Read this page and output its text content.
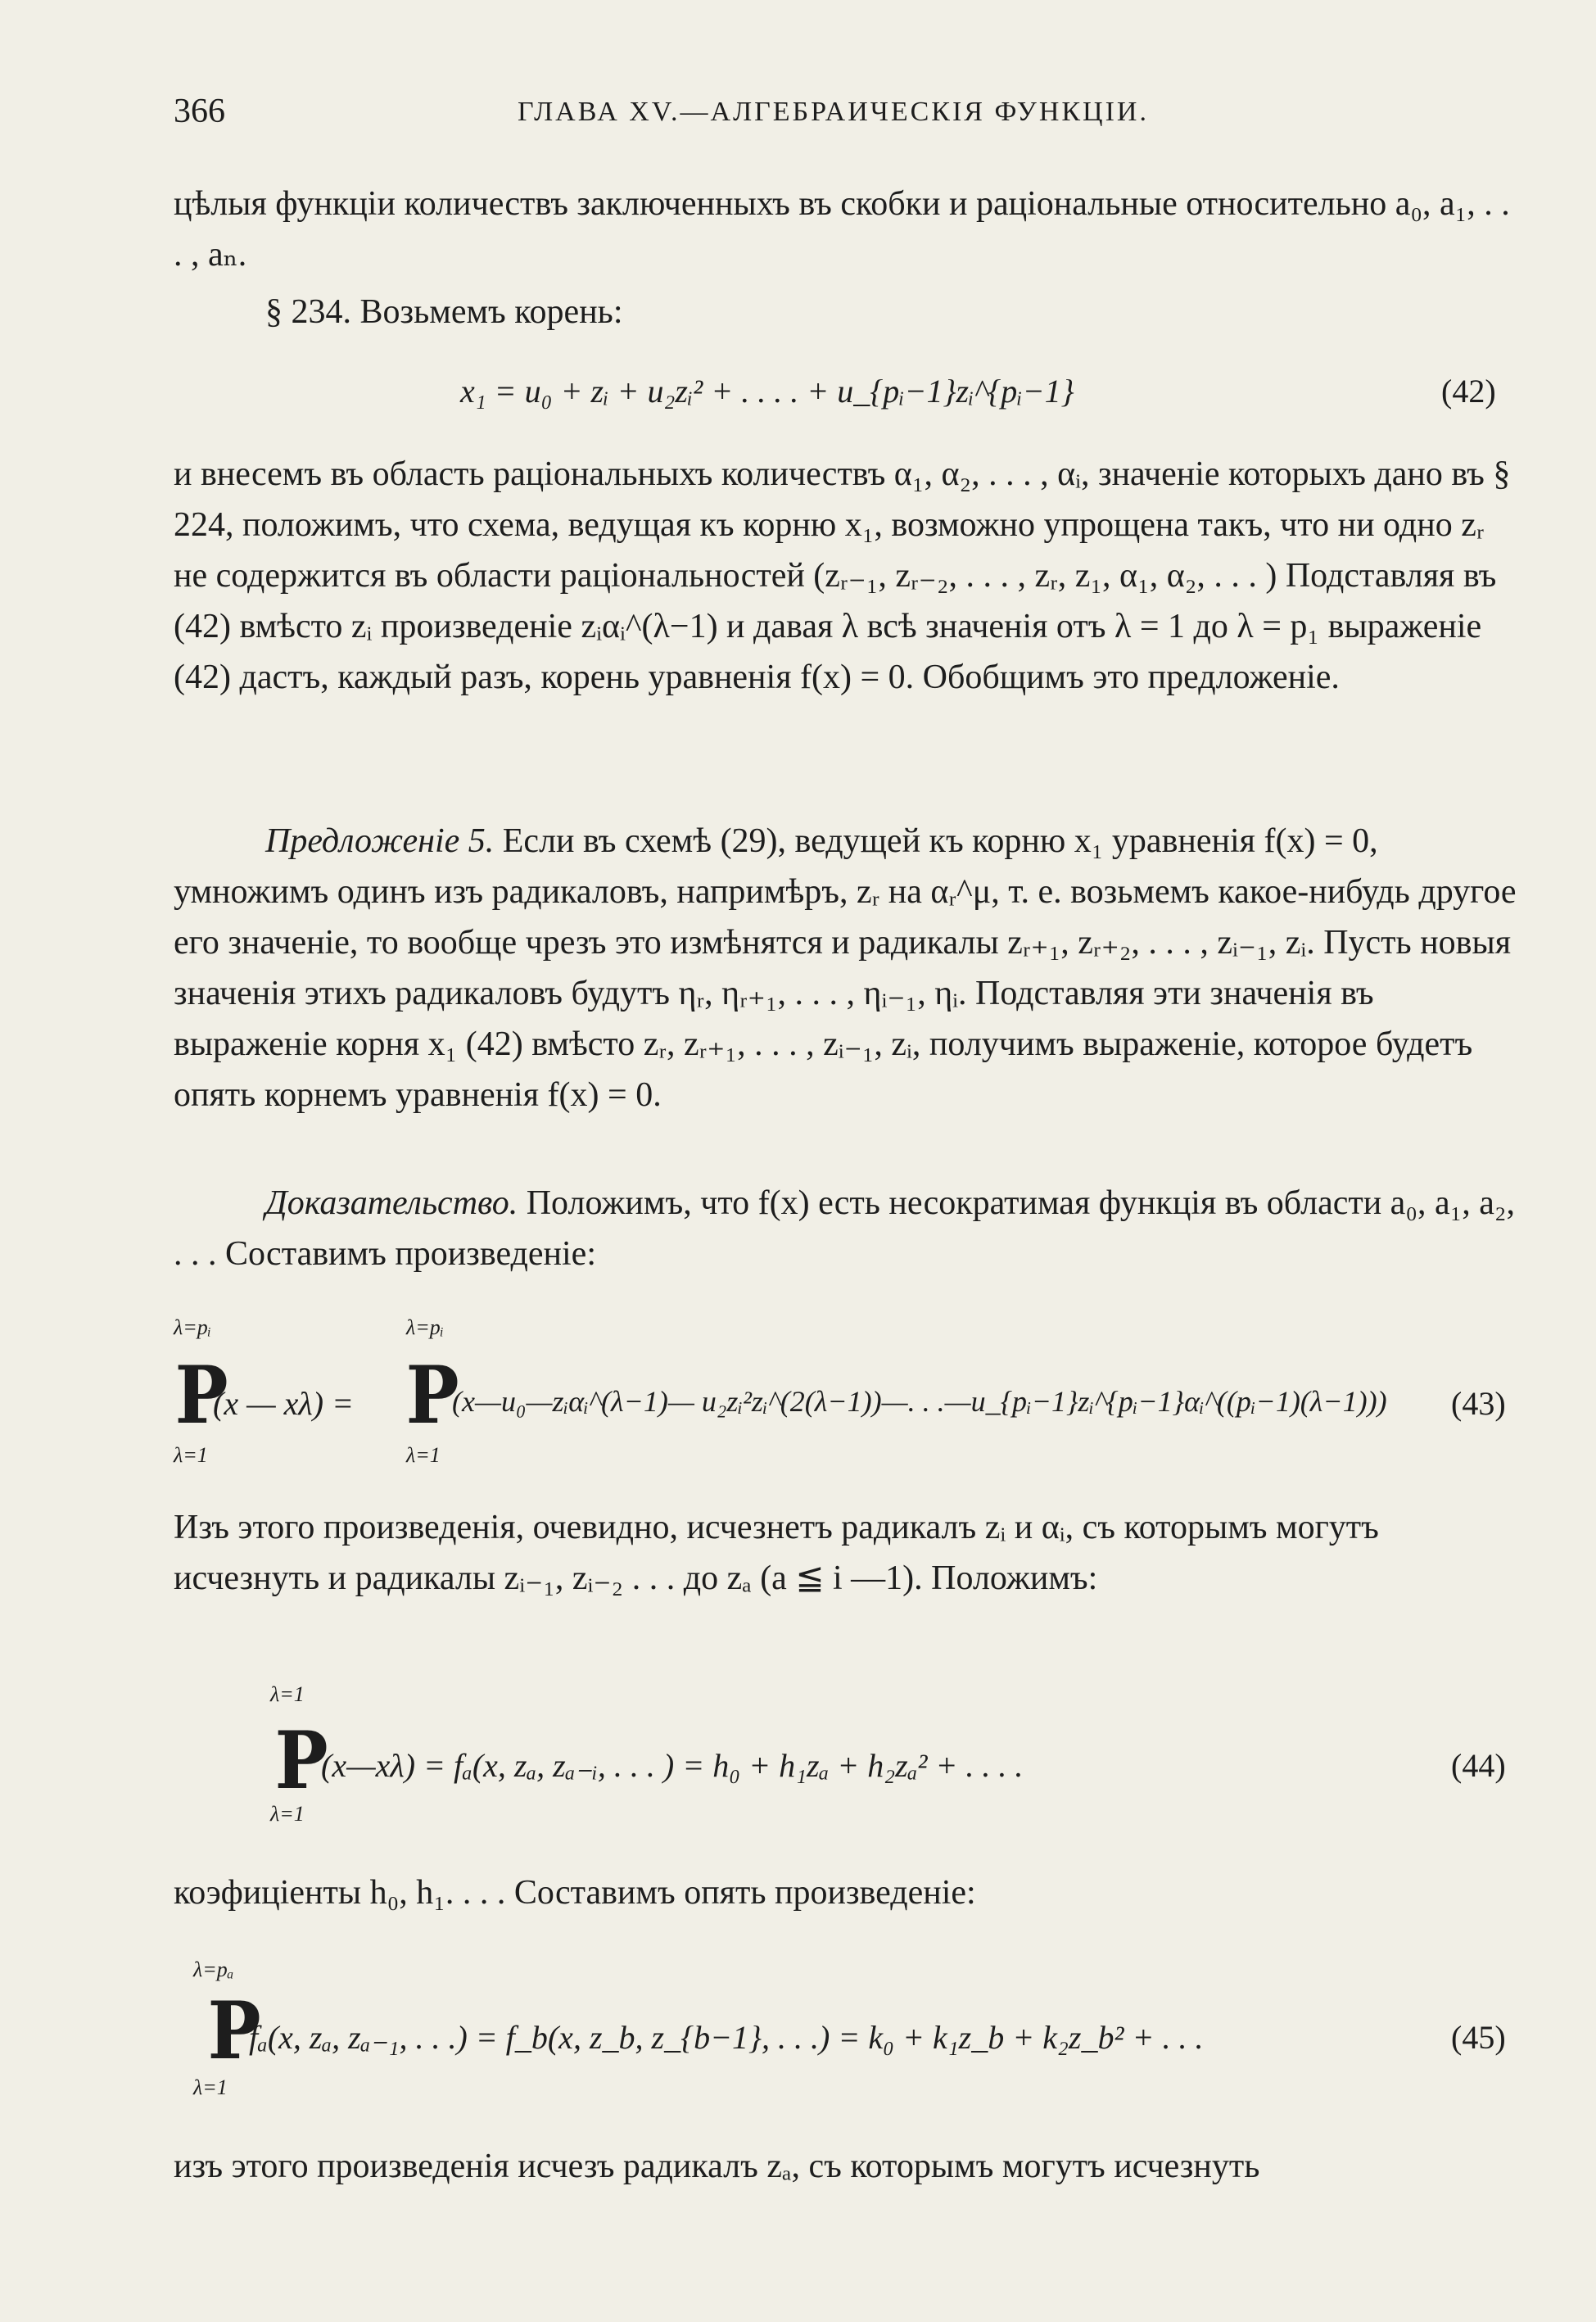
366	ГЛАВА XV.—АЛГЕБРАИЧЕСКІЯ ФУНКЦІИ.

цѣлыя функціи количествъ заключенныхъ въ скобки и раціональные относительно a₀, a₁, . . . , aₙ.

§ 234. Возьмемъ корень:

x₁ = u₀ + zᵢ + u₂zᵢ² + . . . . + u_{pᵢ−1}zᵢ^{pᵢ−1}	(42)

и внесемъ въ область раціональныхъ количествъ α₁, α₂, . . . , αᵢ, значеніе которыхъ дано въ § 224, положимъ, что схема, ведущая къ корню x₁, возможно упрощена такъ, что ни одно zᵣ не содержится въ области раціональностей (zᵣ₋₁, zᵣ₋₂, . . . , zᵣ, z₁, α₁, α₂, . . . ) Подставляя въ (42) вмѣсто zᵢ произведеніе zᵢαᵢ^(λ−1) и давая λ всѣ значенія отъ λ = 1 до λ = p₁ выраженіе (42) дастъ, каждый разъ, корень уравненія f(x) = 0. Обобщимъ это предложеніе.

Предложеніе 5. Если въ схемѣ (29), ведущей къ корню x₁ уравненія f(x) = 0, умножимъ одинъ изъ радикаловъ, напримѣръ, zᵣ на αᵣ^μ, т. е. возьмемъ какое-нибудь другое его значеніе, то вообще чрезъ это измѣнятся и радикалы zᵣ₊₁, zᵣ₊₂, . . . , zᵢ₋₁, zᵢ. Пусть новыя значенія этихъ радикаловъ будутъ ηᵣ, ηᵣ₊₁, . . . , ηᵢ₋₁, ηᵢ. Подставляя эти значенія въ выраженіе корня x₁ (42) вмѣсто zᵣ, zᵣ₊₁, . . . , zᵢ₋₁, zᵢ, получимъ выраженіе, которое будетъ опять корнемъ уравненія f(x) = 0.

Доказательство. Положимъ, что f(x) есть несократимая функція въ области a₀, a₁, a₂, . . . Составимъ произведеніе:

λ=pᵢ
P
λ=1
(x — xλ) =
λ=pᵢ
P
λ=1
(x—u₀—zᵢαᵢ^(λ−1)— u₂zᵢ²zᵢ^(2(λ−1))—. . .—u_{pᵢ−1}zᵢ^{pᵢ−1}αᵢ^((pᵢ−1)(λ−1))) (43)

Изъ этого произведенія, очевидно, исчезнетъ радикалъ zᵢ и αᵢ, съ которымъ могутъ исчезнуть и радикалы zᵢ₋₁, zᵢ₋₂ . . . до zₐ (a ≦ i —1). Положимъ:

λ=1
P
λ=1
(x—xλ) = fₐ(x, zₐ, zₐ₋ᵢ, . . . ) = h₀ + h₁zₐ + h₂zₐ² + . . . .	(44)

коэфиціенты h₀, h₁. . . . Составимъ опять произведеніе:

λ=pₐ
P
λ=1
fₐ(x, zₐ, zₐ₋₁, . . .) = f_b(x, z_b, z_{b−1}, . . .) = k₀ + k₁z_b + k₂z_b² + . . .	(45)

изъ этого произведенія исчезъ радикалъ zₐ, съ которымъ могутъ исчезнуть
